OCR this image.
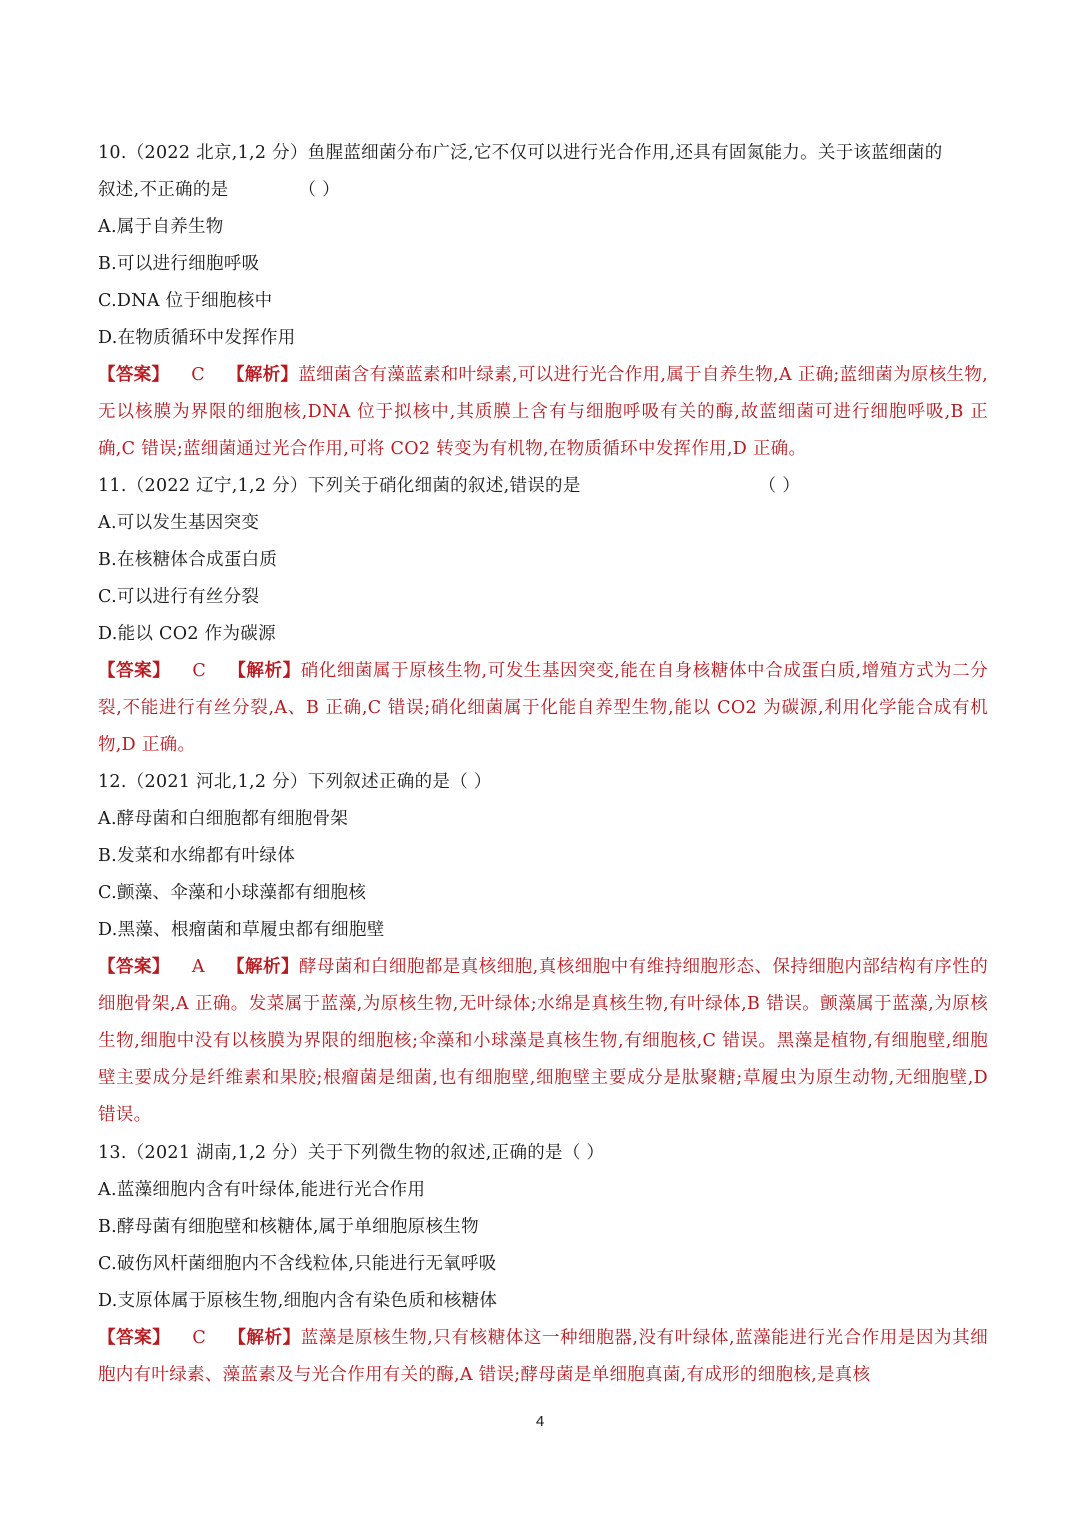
10.（2022 北京,1,2 分）鱼腥蓝细菌分布广泛,它不仅可以进行光合作用,还具有固氮能力。关于该蓝细菌的
叙述,不正确的是	（ ）
A.属于自养生物
B.可以进行细胞呼吸
C.DNA 位于细胞核中
D.在物质循环中发挥作用
【答案】 C 【解析】蓝细菌含有藻蓝素和叶绿素,可以进行光合作用,属于自养生物,A 正确;蓝细菌为原核生物,无以核膜为界限的细胞核,DNA 位于拟核中,其质膜上含有与细胞呼吸有关的酶,故蓝细菌可进行细胞呼吸,B 正确,C 错误;蓝细菌通过光合作用,可将 CO2 转变为有机物,在物质循环中发挥作用,D 正确。
11.（2022 辽宁,1,2 分）下列关于硝化细菌的叙述,错误的是	（ ）
A.可以发生基因突变
B.在核糖体合成蛋白质
C.可以进行有丝分裂
D.能以 CO2 作为碳源
【答案】 C 【解析】硝化细菌属于原核生物,可发生基因突变,能在自身核糖体中合成蛋白质,增殖方式为二分裂,不能进行有丝分裂,A、B 正确,C 错误;硝化细菌属于化能自养型生物,能以 CO2 为碳源,利用化学能合成有机物,D 正确。
12.（2021 河北,1,2 分）下列叙述正确的是（ ）
A.酵母菌和白细胞都有细胞骨架
B.发菜和水绵都有叶绿体
C.颤藻、伞藻和小球藻都有细胞核
D.黑藻、根瘤菌和草履虫都有细胞壁
【答案】 A 【解析】酵母菌和白细胞都是真核细胞,真核细胞中有维持细胞形态、保持细胞内部结构有序性的细胞骨架,A 正确。发菜属于蓝藻,为原核生物,无叶绿体;水绵是真核生物,有叶绿体,B 错误。颤藻属于蓝藻,为原核生物,细胞中没有以核膜为界限的细胞核;伞藻和小球藻是真核生物,有细胞核,C 错误。黑藻是植物,有细胞壁,细胞壁主要成分是纤维素和果胶;根瘤菌是细菌,也有细胞壁,细胞壁主要成分是肽聚糖;草履虫为原生动物,无细胞壁,D 错误。
13.（2021 湖南,1,2 分）关于下列微生物的叙述,正确的是（ ）
A.蓝藻细胞内含有叶绿体,能进行光合作用
B.酵母菌有细胞壁和核糖体,属于单细胞原核生物
C.破伤风杆菌细胞内不含线粒体,只能进行无氧呼吸
D.支原体属于原核生物,细胞内含有染色质和核糖体
【答案】 C 【解析】蓝藻是原核生物,只有核糖体这一种细胞器,没有叶绿体,蓝藻能进行光合作用是因为其细胞内有叶绿素、藻蓝素及与光合作用有关的酶,A 错误;酵母菌是单细胞真菌,有成形的细胞核,是真核
4
